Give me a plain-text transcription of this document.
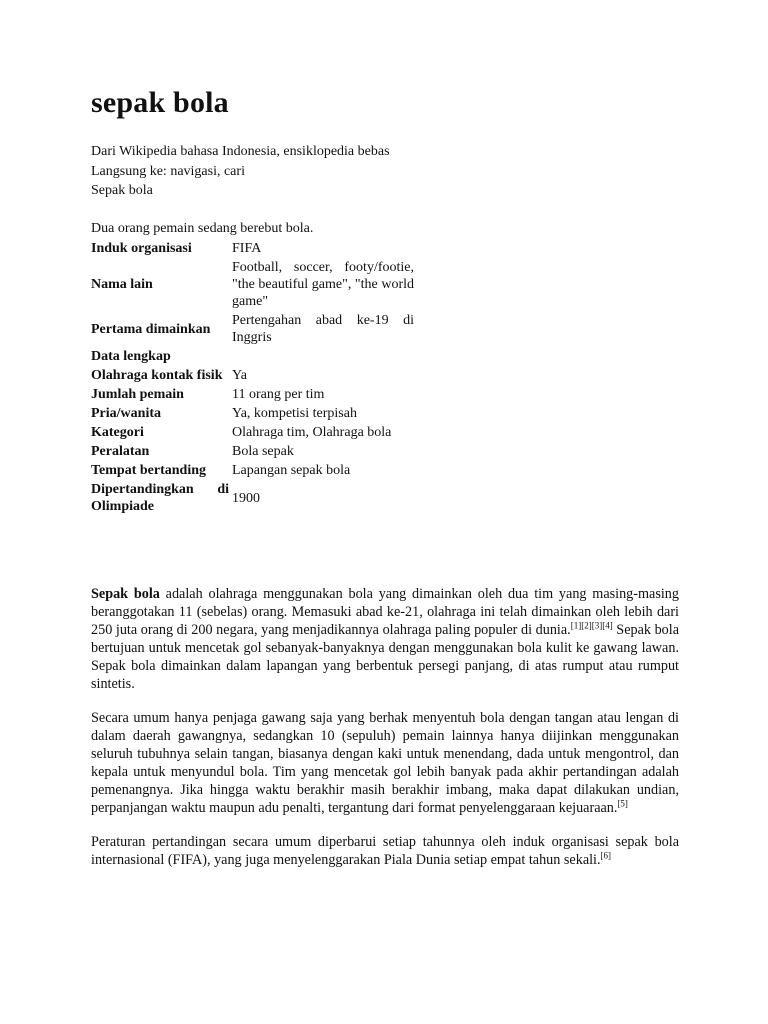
sepak bola
Dari Wikipedia bahasa Indonesia, ensiklopedia bebas
Langsung ke: navigasi, cari
Sepak bola
Dua orang pemain sedang berebut bola.
Induk organisasi	FIFA
Nama lain	Football, soccer, footy/footie, "the beautiful game", "the world game"
Pertama dimainkan	Pertengahan abad ke-19 di Inggris
Data lengkap	
Olahraga kontak fisik	Ya
Jumlah pemain	11 orang per tim
Pria/wanita	Ya, kompetisi terpisah
Kategori	Olahraga tim, Olahraga bola
Peralatan	Bola sepak
Tempat bertanding	Lapangan sepak bola
Dipertandingkan di Olimpiade	1900

Sepak bola adalah olahraga menggunakan bola yang dimainkan oleh dua tim yang masing-masing beranggotakan 11 (sebelas) orang. Memasuki abad ke-21, olahraga ini telah dimainkan oleh lebih dari 250 juta orang di 200 negara, yang menjadikannya olahraga paling populer di dunia.[1][2][3][4] Sepak bola bertujuan untuk mencetak gol sebanyak-banyaknya dengan menggunakan bola kulit ke gawang lawan. Sepak bola dimainkan dalam lapangan yang berbentuk persegi panjang, di atas rumput atau rumput sintetis.

Secara umum hanya penjaga gawang saja yang berhak menyentuh bola dengan tangan atau lengan di dalam daerah gawangnya, sedangkan 10 (sepuluh) pemain lainnya hanya diijinkan menggunakan seluruh tubuhnya selain tangan, biasanya dengan kaki untuk menendang, dada untuk mengontrol, dan kepala untuk menyundul bola. Tim yang mencetak gol lebih banyak pada akhir pertandingan adalah pemenangnya. Jika hingga waktu berakhir masih berakhir imbang, maka dapat dilakukan undian, perpanjangan waktu maupun adu penalti, tergantung dari format penyelenggaraan kejuaraan.[5]

Peraturan pertandingan secara umum diperbarui setiap tahunnya oleh induk organisasi sepak bola internasional (FIFA), yang juga menyelenggarakan Piala Dunia setiap empat tahun sekali.[6]
